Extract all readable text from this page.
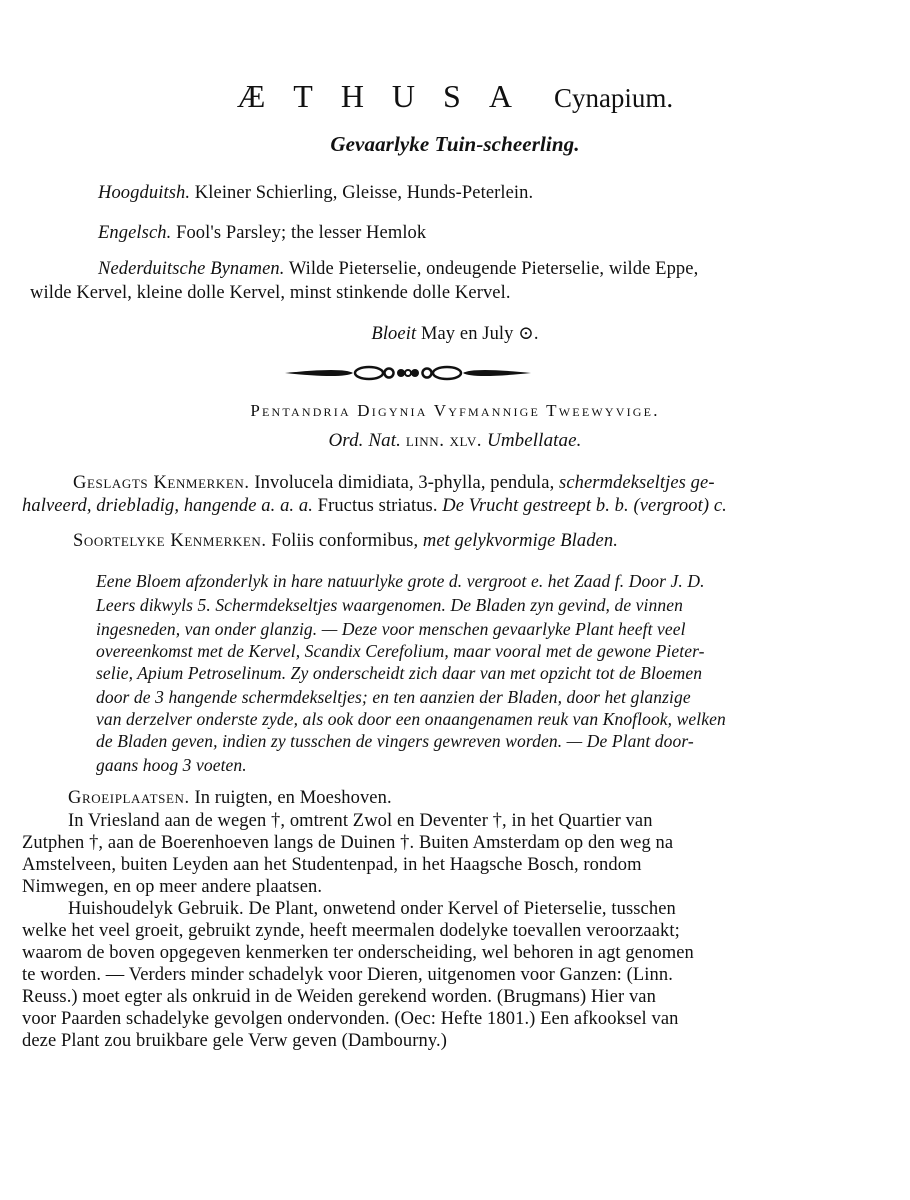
ÆTHUSA Cynapium.
Gevaarlyke Tuin-scheerling.
Hoogduitsh. Kleiner Schierling, Gleisse, Hunds-Peterlein.
Engelsch. Fool's Parsley; the lesser Hemlok
Nederduitsche Bynamen. Wilde Pieterselie, ondeugende Pieterselie, wilde Eppe,
wilde Kervel, kleine dolle Kervel, minst stinkende dolle Kervel.
Bloeit May en July ⊙.
Pentandria Digynia Vyfmannige Tweewyvige.
Ord. Nat. linn. xlv. Umbellatae.
Geslagts Kenmerken. Involucela dimidiata, 3-phylla, pendula, schermdekseltjes ge-
halveerd, driebladig, hangende a. a. a. Fructus striatus. De Vrucht gestreept b. b. (vergroot) c.
Soortelyke Kenmerken. Foliis conformibus, met gelykvormige Bladen.
Eene Bloem afzonderlyk in hare natuurlyke grote d. vergroot e. het Zaad f. Door J. D.
Leers dikwyls 5. Schermdekseltjes waargenomen. De Bladen zyn gevind, de vinnen
ingesneden, van onder glanzig. — Deze voor menschen gevaarlyke Plant heeft veel
overeenkomst met de Kervel, Scandix Cerefolium, maar vooral met de gewone Pieter-
selie, Apium Petroselinum. Zy onderscheidt zich daar van met opzicht tot de Bloemen
door de 3 hangende schermdekseltjes; en ten aanzien der Bladen, door het glanzige
van derzelver onderste zyde, als ook door een onaangenamen reuk van Knoflook, welken
de Bladen geven, indien zy tusschen de vingers gewreven worden. — De Plant door-
gaans hoog 3 voeten.
Groeiplaatsen. In ruigten, en Moeshoven.
In Vriesland aan de wegen †, omtrent Zwol en Deventer †, in het Quartier van
Zutphen †, aan de Boerenhoeven langs de Duinen †. Buiten Amsterdam op den weg na
Amstelveen, buiten Leyden aan het Studentenpad, in het Haagsche Bosch, rondom
Nimwegen, en op meer andere plaatsen.
Huishoudelyk Gebruik. De Plant, onwetend onder Kervel of Pieterselie, tusschen
welke het veel groeit, gebruikt zynde, heeft meermalen dodelyke toevallen veroorzaakt;
waarom de boven opgegeven kenmerken ter onderscheiding, wel behoren in agt genomen
te worden. — Verders minder schadelyk voor Dieren, uitgenomen voor Ganzen: (Linn.
Reuss.) moet egter als onkruid in de Weiden gerekend worden. (Brugmans) Hier van
voor Paarden schadelyke gevolgen ondervonden. (Oec: Hefte 1801.) Een afkooksel van
deze Plant zou bruikbare gele Verw geven (Dambourny.)
